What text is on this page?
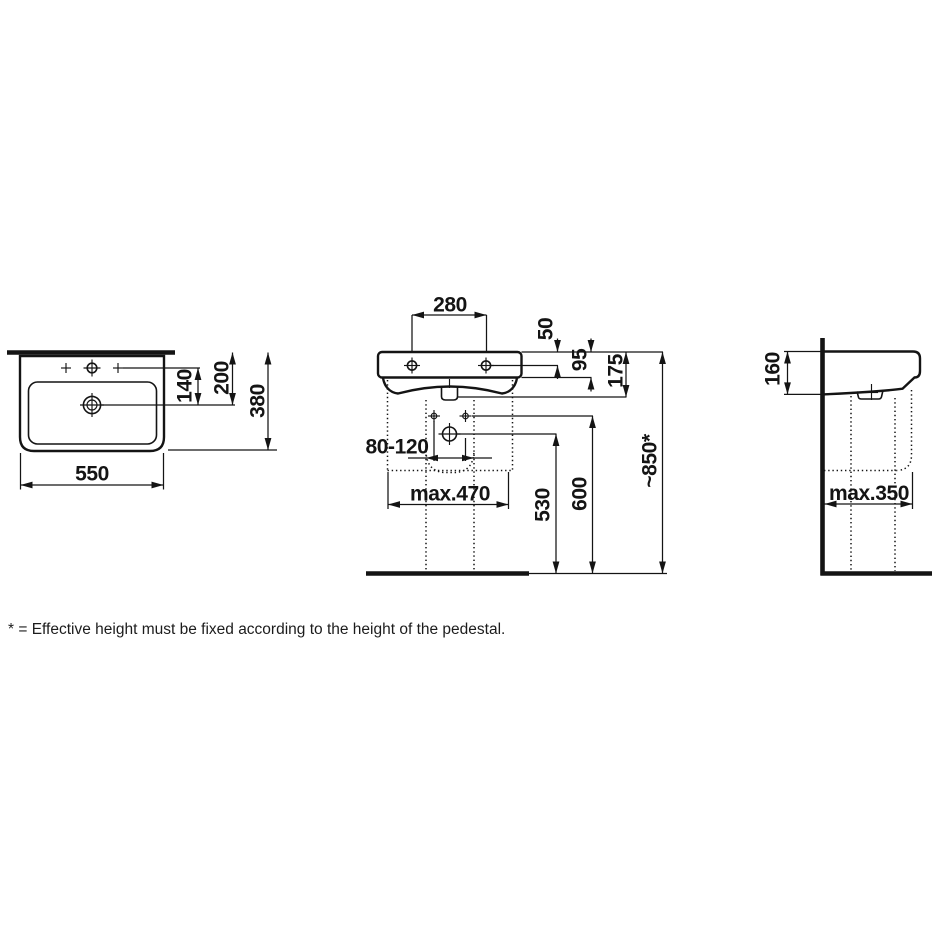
140 200
380
550
280
50
95 175
~850*
530 600
80-120
max.470
160
max.350
* = Effective height must be fixed according to the height of the pedestal.
